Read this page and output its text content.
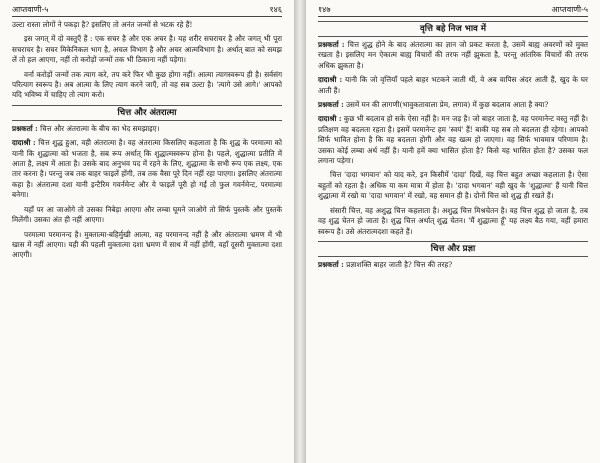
आप्तवाणी-५	१४६

उल्टा रास्ता लोगों ने पकड़ा है? इसलिए तो अनंत जन्मों से भटक रहे हैं!

इस जगत् में दो वस्तुएँ हैं : एक सचर है और एक अचर है। यह शरीर सचराचर है और जगत् भी पूरा सचराचर है। सचर मिकेनिकल भाग है, अचल विभाग है और अचर आत्मविभाग है। अर्थात् बात को समझ लें तो हल आएगा, नहीं तो करोड़ों जन्मों तक भी ठिकाना नहीं पड़ेगा।

वर्ना करोड़ों जन्मों तक त्याग करे, तप करे फिर भी कुछ होगा नहीं। आत्मा त्यागस्वरूप ही है। सर्वसंग परित्याग स्वरूप है। अब आत्मा के लिए त्याग करने जाएँ, तो वह सब उल्टा है। 'त्यागे उसे आगे।' आपको यदि भविष्य में चाहिए तो त्याग करो।

चित्त और अंतरात्मा

प्रश्नकर्ता : चित्त और अंतरात्मा के बीच का भेद समझाइए।

दादाश्री : चित्त शुद्ध हुआ, वही अंतरात्मा है। वह अंतरात्मा किसलिए कहलाता है कि शुद्ध के परमात्मा को यानी कि शुद्धात्मा को भजता है, सब रूप अर्थात् कि शुद्धात्मस्वरूप होना है। पहले, शुद्धात्मा प्रतीति में आता है, लक्ष्य में आता है। उसके बाद अनुभव पद में रहने के लिए, शुद्धात्मा के सभी रूप एक लक्ष्य, एक तार करना है। परन्तु जब तक बाहर फाइलें होंगी, तब तक वैसा पूरे दिन नहीं रहा पाएगा। इसलिए अंतरात्मा कहा है। अंतरात्मा दशा यानी इन्टैरिम गवर्नमेन्ट और ये फाइलें पूरी हो गईं तो फुल गवर्नमेन्ट, परमात्मा बनेगा।

यहाँ पर आ जाओगे तो उसका निबेड़ा आएगा और लम्बा घूमने जाओगे तो सिर्फ पुस्तकें और पुस्तकें मिलेंगी। उसका अंत ही नहीं आएगा।

परमात्मा परमानन्द है। मुक्तात्मा-बहिर्मुखी आत्मा, वह परमानन्द नहीं है और अंतरात्मा भ्रमण में भी खास में नहीं आएगा। यही की पहली मुक्तात्मा दशा भ्रमण में साथ में नहीं होंगी, वहाँ दूसरी मुक्तात्मा दशा आएगी।

१४७	आप्तवाणी-५
वृत्ति बहे निज भाव में

प्रश्नकर्ता : चित्त शुद्ध होने के बाद अंतरात्मा का ज्ञान जो प्रकट करता है, उसमें बाह्य अवरणों को मुक्त रखता है। इसलिए मन ऐकात्म बाह्य विचारों की तरफ नहीं झुकता है, परन्तु आंतरिक विचारों की तरफ अधिक झुकता है।

दादाश्री : यानी कि जो वृत्तियाँ पहले बाहर भटकने जाती थीं, वे अब वापिस अंदर आती हैं, खुद के घर आती हैं।

प्रश्नकर्ता : उसमें मन की लागणी(भावुकतावाला प्रेम, लगाव) में कुछ बदलाव आता है क्या?

दादाश्री : कुछ भी बदलाव हो सके ऐसा नहीं है। मन जड़ है। जो बाहर जाता है, वह परमानेन्ट वस्तु नहीं है। प्रतिक्षण वह बदलता रहता है। इसमें परमानेन्ट हम 'स्वयं' हैं! बाकी यह सब तो बदलता ही रहेगा। आपको सिर्फ भावित होना है कि वह बदलता होगी और वह खत्म हो जाएगा। वह सिर्फ भावमात्र परिणाम है। उसका कोई लम्बा अर्थ नहीं है। यानी हमें क्या भासित होता है? किसे यह भासित होता है? उसका फल लगाना पड़ेगा।

चित्त 'दादा भगवान' को याद करे, इन किसीमें 'दादा' दिखें, वह चित्त बहुत अच्छा कहलाता है। ऐसा बहुतों को रहता है। अधिक या कम मात्रा में होता है। 'दादा भगवान' वही खुद के 'शुद्धात्मा' हैं यानी चित्त शुद्धात्मा में रखो या 'दादा भगवान' में रखो, वह समान ही है। दोनों चित्त को शुद्ध ही रखते हैं।

संसारी चित्त, वह अशुद्ध चित्त कहलाता है। अशुद्ध चित्त मिश्रचेतन है। वह चित्त शुद्ध हो जाता है, तब वह शुद्ध चेतन हो जाता है। शुद्ध चित्त अर्थात् शुद्ध चेतन। 'मैं शुद्धात्मा हूँ' यह लक्ष्य बैठ गया, वहीं हमारा स्वरूप है। उसे अंतरात्मदशा कहते हैं।

चित्त और प्रज्ञा

प्रश्नकर्ता : प्रज्ञाशक्ति बाहर जाती है? चित्त की तरह?
